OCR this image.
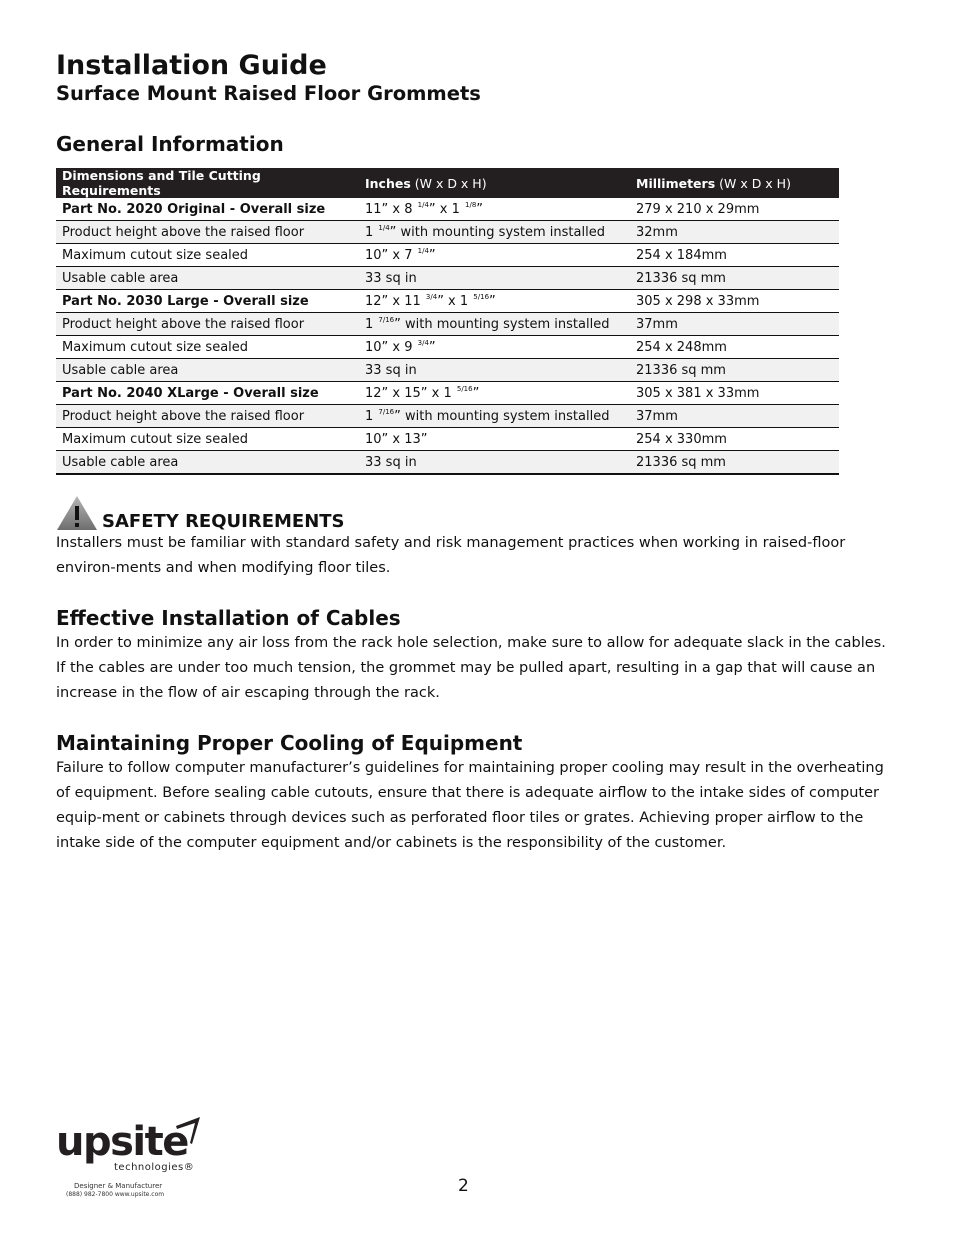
Installation Guide
Surface Mount Raised Floor Grommets
General Information
Dimensions and Tile Cutting Requirements	Inches (W x D x H)	Millimeters (W x D x H)
Part No. 2020 Original - Overall size	11” x 8 $^{1/4}$” x 1 $^{1/8}$”	279 x 210 x 29mm
Product height above the raised floor	1 $^{1/4}$” with mounting system installed	32mm
Maximum cutout size sealed	10” x 7 $^{1/4}$”	254 x 184mm
Usable cable area	33 sq in	21336 sq mm
Part No. 2030 Large - Overall size	12” x 11 $^{3/4}$” x 1 $^{5/16}$”	305 x 298 x 33mm
Product height above the raised floor	1 $^{7/16}$” with mounting system installed	37mm
Maximum cutout size sealed	10” x 9 $^{3/4}$”	254 x 248mm
Usable cable area	33 sq in	21336 sq mm
Part No. 2040 XLarge - Overall size	12” x 15” x 1 $^{5/16}$”	305 x 381 x 33mm
Product height above the raised floor	1 $^{7/16}$” with mounting system installed	37mm
Maximum cutout size sealed	10” x 13”	254 x 330mm
Usable cable area	33 sq in	21336 sq mm
SAFETY REQUIREMENTS

Installers must be familiar with standard safety and risk management practices when working in raised-floor environ-ments and when modifying floor tiles.

Effective Installation of Cables

In order to minimize any air loss from the rack hole selection, make sure to allow for adequate slack in the cables. If the cables are under too much tension, the grommet may be pulled apart, resulting in a gap that will cause an increase in the flow of air escaping through the rack.

Maintaining Proper Cooling of Equipment

Failure to follow computer manufacturer’s guidelines for maintaining proper cooling may result in the overheating of equipment. Before sealing cable cutouts, ensure that there is adequate airflow to the intake sides of computer equip-ment or cabinets through devices such as perforated floor tiles or grates. Achieving proper airflow to the intake side of the computer equipment and/or cabinets is the responsibility of the customer.

upsite
technologies®
Designer & Manufacturer
(888) 982-7800 www.upsite.com	2
